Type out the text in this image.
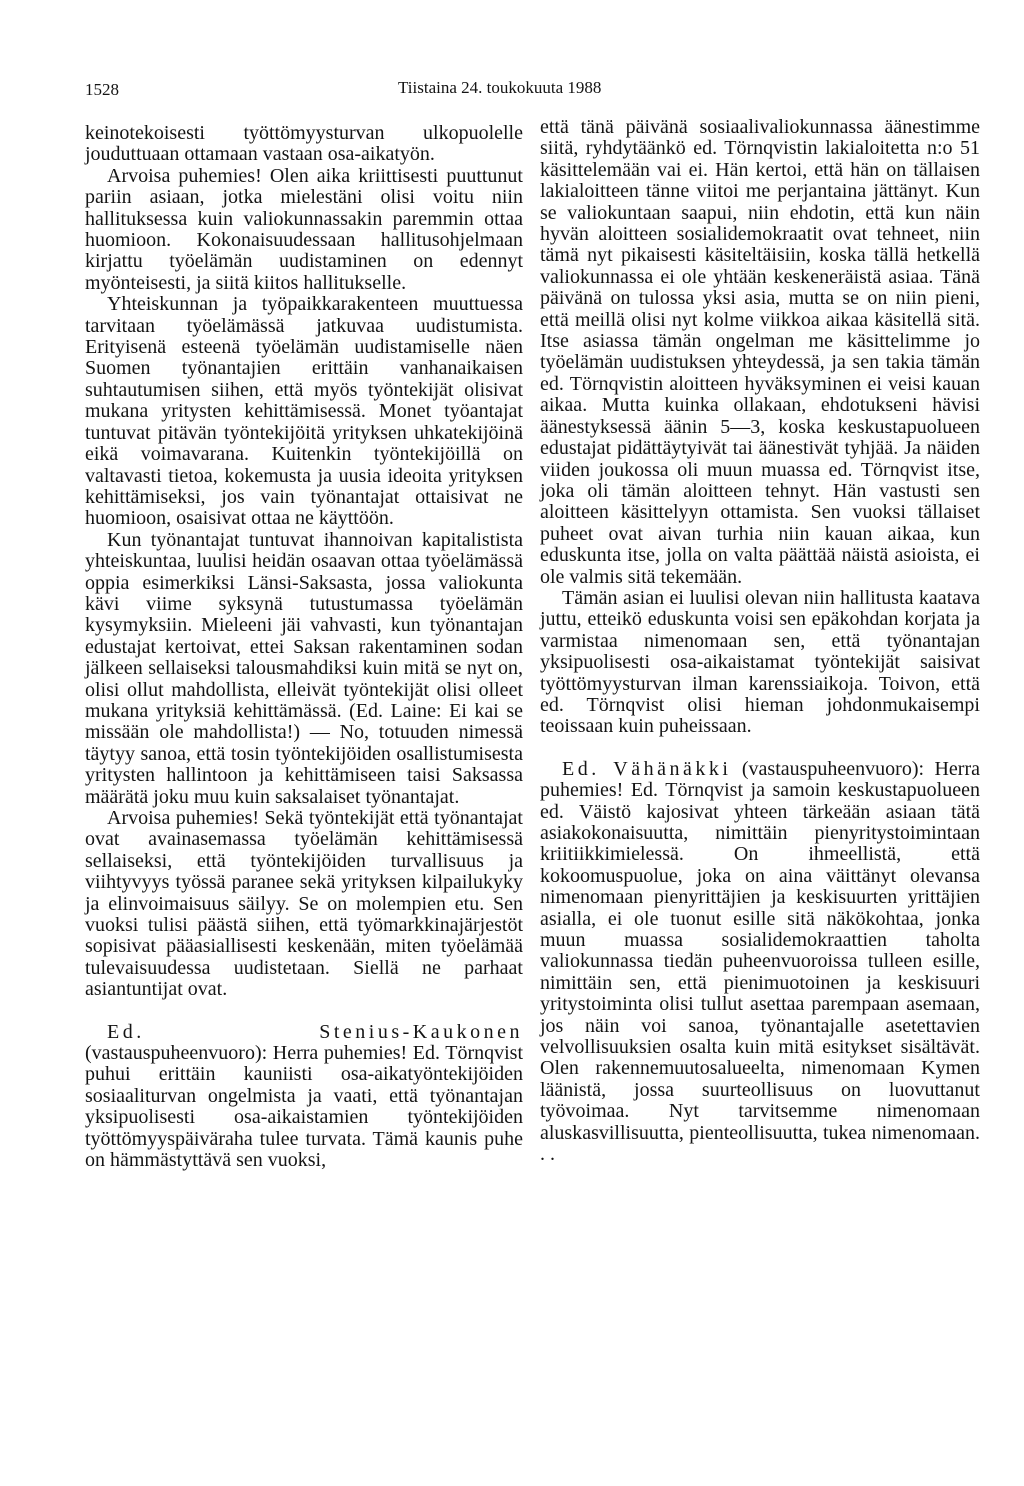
1528	Tiistaina 24. toukokuuta 1988

keinotekoisesti työttömyysturvan ulkopuolelle jouduttuaan ottamaan vastaan osa-aikatyön.

Arvoisa puhemies! Olen aika kriittisesti puuttunut pariin asiaan, jotka mielestäni olisi voitu niin hallituksessa kuin valiokunnassakin paremmin ottaa huomioon. Kokonaisuudessaan hallitusohjelmaan kirjattu työelämän uudistaminen on edennyt myönteisesti, ja siitä kiitos hallitukselle.

Yhteiskunnan ja työpaikkarakenteen muuttuessa tarvitaan työelämässä jatkuvaa uudistumista. Erityisenä esteenä työelämän uudistamiselle näen Suomen työnantajien erittäin vanhanaikaisen suhtautumisen siihen, että myös työntekijät olisivat mukana yritysten kehittämisessä. Monet työantajat tuntuvat pitävän työntekijöitä yrityksen uhkatekijöinä eikä voimavarana. Kuitenkin työntekijöillä on valtavasti tietoa, kokemusta ja uusia ideoita yrityksen kehittämiseksi, jos vain työnantajat ottaisivat ne huomioon, osaisivat ottaa ne käyttöön.

Kun työnantajat tuntuvat ihannoivan kapitalistista yhteiskuntaa, luulisi heidän osaavan ottaa työelämässä oppia esimerkiksi Länsi-Saksasta, jossa valiokunta kävi viime syksynä tutustumassa työelämän kysymyksiin. Mieleeni jäi vahvasti, kun työnantajan edustajat kertoivat, ettei Saksan rakentaminen sodan jälkeen sellaiseksi talousmahdiksi kuin mitä se nyt on, olisi ollut mahdollista, elleivät työntekijät olisi olleet mukana yrityksiä kehittämässä. (Ed. Laine: Ei kai se missään ole mahdollista!) — No, totuuden nimessä täytyy sanoa, että tosin työntekijöiden osallistumisesta yritysten hallintoon ja kehittämiseen taisi Saksassa määrätä joku muu kuin saksalaiset työnantajat.

Arvoisa puhemies! Sekä työntekijät että työnantajat ovat avainasemassa työelämän kehittämisessä sellaiseksi, että työntekijöiden turvallisuus ja viihtyvyys työssä paranee sekä yrityksen kilpailukyky ja elinvoimaisuus säilyy. Se on molempien etu. Sen vuoksi tulisi päästä siihen, että työmarkkinajärjestöt sopisivat pääasiallisesti keskenään, miten työelämää tulevaisuudessa uudistetaan. Siellä ne parhaat asiantuntijat ovat.

Ed. Stenius-Kaukonen (vastauspuheenvuoro): Herra puhemies! Ed. Törnqvist puhui erittäin kauniisti osa-aikatyöntekijöiden sosiaaliturvan ongelmista ja vaati, että työnantajan yksipuolisesti osa-aikaistamien työntekijöiden työttömyyspäiväraha tulee turvata. Tämä kaunis puhe on hämmästyttävä sen vuoksi,

että tänä päivänä sosiaalivaliokunnassa äänestimme siitä, ryhdytäänkö ed. Törnqvistin lakialoitetta n:o 51 käsittelemään vai ei. Hän kertoi, että hän on tällaisen lakialoitteen tänne viitoi me perjantaina jättänyt. Kun se valiokuntaan saapui, niin ehdotin, että kun näin hyvän aloitteen sosialidemokraatit ovat tehneet, niin tämä nyt pikaisesti käsiteltäisiin, koska tällä hetkellä valiokunnassa ei ole yhtään keskeneräistä asiaa. Tänä päivänä on tulossa yksi asia, mutta se on niin pieni, että meillä olisi nyt kolme viikkoa aikaa käsitellä sitä. Itse asiassa tämän ongelman me käsittelimme jo työelämän uudistuksen yhteydessä, ja sen takia tämän ed. Törnqvistin aloitteen hyväksyminen ei veisi kauan aikaa. Mutta kuinka ollakaan, ehdotukseni hävisi äänestyksessä äänin 5—3, koska keskustapuolueen edustajat pidättäytyivät tai äänestivät tyhjää. Ja näiden viiden joukossa oli muun muassa ed. Törnqvist itse, joka oli tämän aloitteen tehnyt. Hän vastusti sen aloitteen käsittelyyn ottamista. Sen vuoksi tällaiset puheet ovat aivan turhia niin kauan aikaa, kun eduskunta itse, jolla on valta päättää näistä asioista, ei ole valmis sitä tekemään.

Tämän asian ei luulisi olevan niin hallitusta kaatava juttu, etteikö eduskunta voisi sen epäkohdan korjata ja varmistaa nimenomaan sen, että työnantajan yksipuolisesti osa-aikaistamat työntekijät saisivat työttömyysturvan ilman karenssiaikoja. Toivon, että ed. Törnqvist olisi hieman johdonmukaisempi teoissaan kuin puheissaan.

Ed. Vähänäkki (vastauspuheenvuoro): Herra puhemies! Ed. Törnqvist ja samoin keskustapuolueen ed. Väistö kajosivat yhteen tärkeään asiaan tätä asiakokonaisuutta, nimittäin pienyritystoimintaan kriitiikkimielessä. On ihmeellistä, että kokoomuspuolue, joka on aina väittänyt olevansa nimenomaan pienyrittäjien ja keskisuurten yrittäjien asialla, ei ole tuonut esille sitä näkökohtaa, jonka muun muassa sosialidemokraattien taholta valiokunnassa tiedän puheenvuoroissa tulleen esille, nimittäin sen, että pienimuotoinen ja keskisuuri yritystoiminta olisi tullut asettaa parempaan asemaan, jos näin voi sanoa, työnantajalle asetettavien velvollisuuksien osalta kuin mitä esitykset sisältävät. Olen rakennemuutosalueelta, nimenomaan Kymen läänistä, jossa suurteollisuus on luovuttanut työvoimaa. Nyt tarvitsemme nimenomaan aluskasvillisuutta, pienteollisuutta, tukea nimenomaan. . .
